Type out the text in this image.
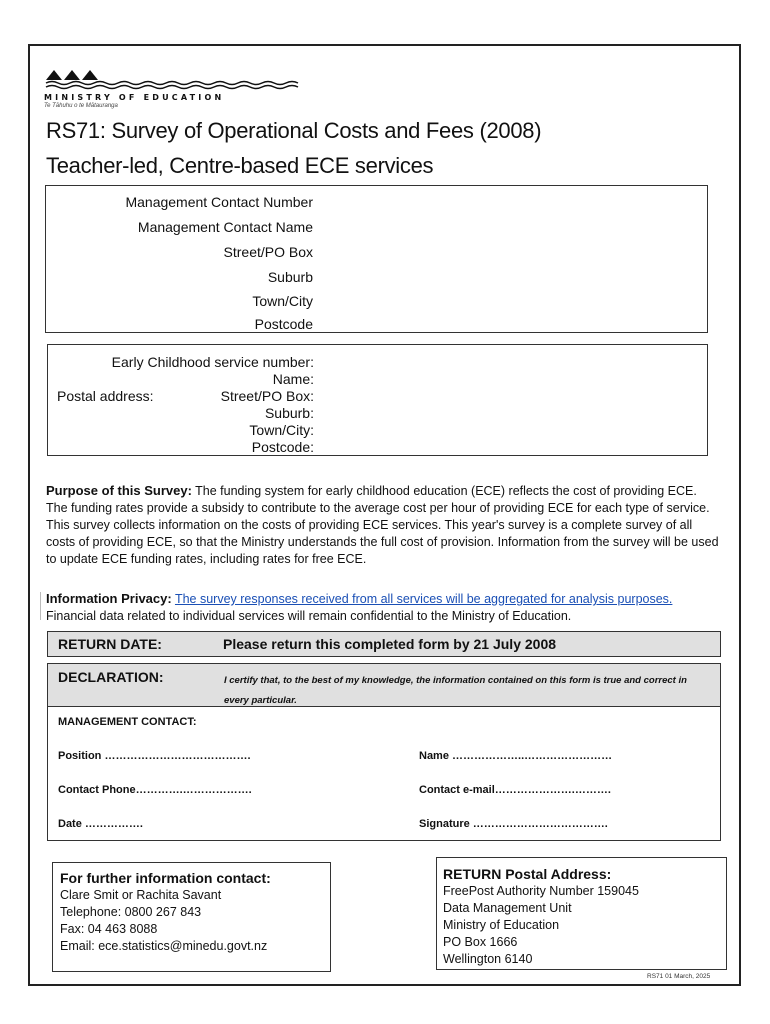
MINISTRY OF EDUCATION
Te Tāhuhu o te Mātauranga
RS71: Survey of Operational Costs and Fees (2008)
Teacher-led, Centre-based ECE services
Management Contact Number
Management Contact Name
Street/PO Box
Suburb
Town/City
Postcode
Early Childhood service number:
Name:
Postal address:	Street/PO Box:
Suburb:
Town/City:
Postcode:

Purpose of this Survey: The funding system for early childhood education (ECE) reflects the cost of providing ECE. The funding rates provide a subsidy to contribute to the average cost per hour of providing ECE for each type of service. This survey collects information on the costs of providing ECE services. This year's survey is a complete survey of all costs of providing ECE, so that the Ministry understands the full cost of provision. Information from the survey will be used to update ECE funding rates, including rates for free ECE.

Information Privacy: The survey responses received from all services will be aggregated for analysis purposes. Financial data related to individual services will remain confidential to the Ministry of Education.

RETURN DATE:	Please return this completed form by 21 July 2008
DECLARATION:	I certify that, to the best of my knowledge, the information contained on this form is true and correct in every particular.
MANAGEMENT CONTACT:
Position ………………………………….	Name ………………..……………………
Contact Phone………….……………….	Contact e-mail………………….……….
Date …………….	Signature ……………………………….
For further information contact:
Clare Smit or Rachita Savant
Telephone: 0800 267 843
Fax: 04 463 8088
Email: ece.statistics@minedu.govt.nz
RETURN Postal Address:
FreePost Authority Number 159045
Data Management Unit
Ministry of Education
PO Box 1666
Wellington 6140
RS71 01 March, 2025
